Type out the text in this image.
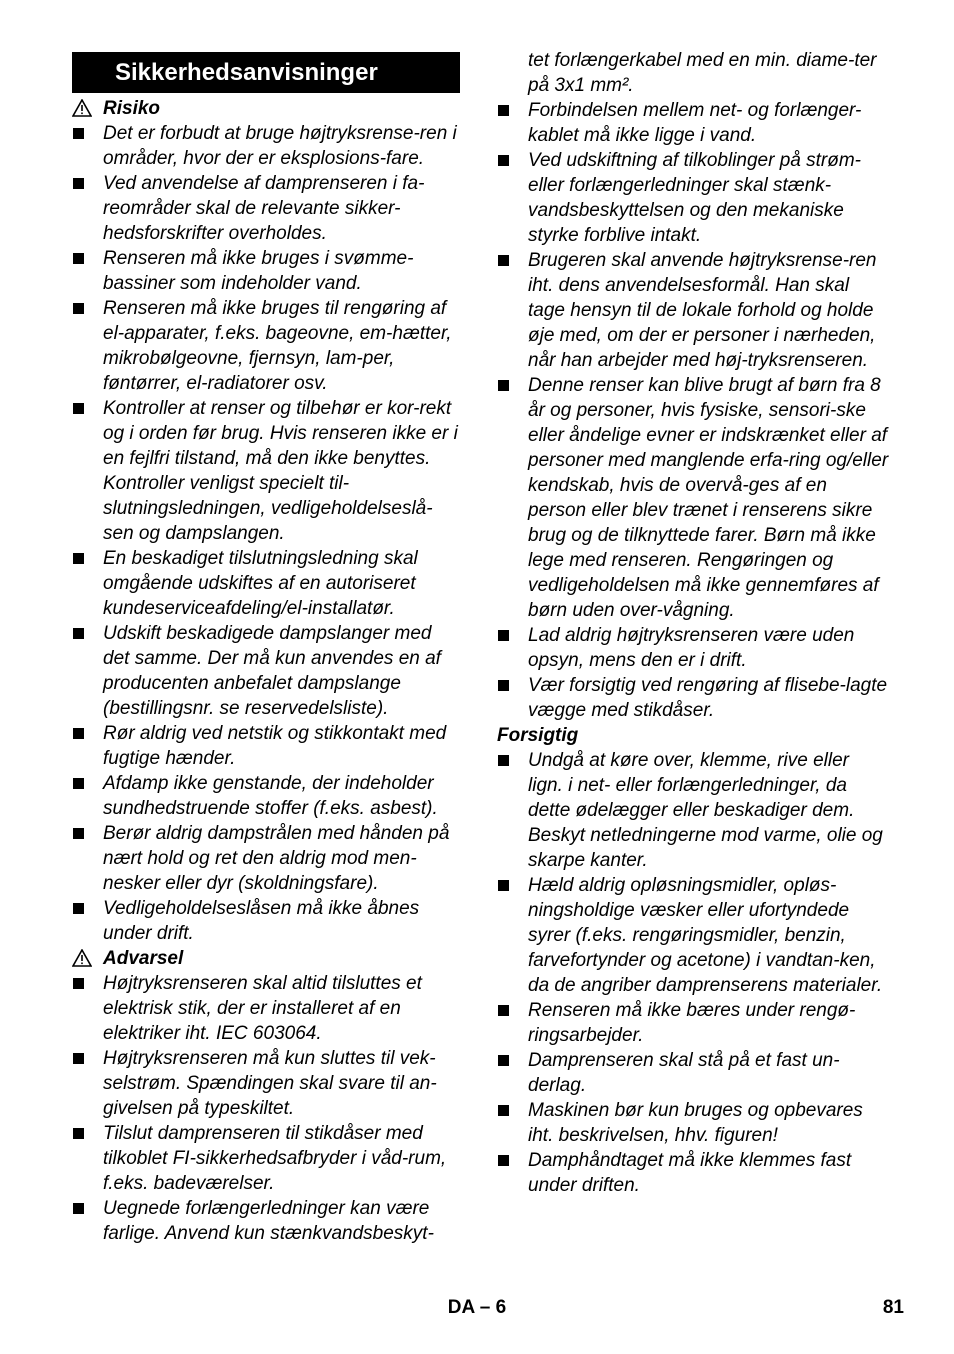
Sikkerhedsanvisninger
Risiko
Det er forbudt at bruge højtryksrense-ren i områder, hvor der er eksplosions-fare.
Ved anvendelse af damprenseren i fa-reområder skal de relevante sikker-hedsforskrifter overholdes.
Renseren må ikke bruges i svømme-bassiner som indeholder vand.
Renseren må ikke bruges til rengøring af el-apparater, f.eks. bageovne, em-hætter, mikrobølgeovne, fjernsyn, lam-per, føntørrer, el-radiatorer osv.
Kontroller at renser og tilbehør er kor-rekt og i orden før brug. Hvis renseren ikke er i en fejlfri tilstand, må den ikke benyttes. Kontroller venligst specielt til-slutningsledningen, vedligeholdelseslå-sen og dampslangen.
En beskadiget tilslutningsledning skal omgående udskiftes af en autoriseret kundeserviceafdeling/el-installatør.
Udskift beskadigede dampslanger med det samme. Der må kun anvendes en af producenten anbefalet dampslange (bestillingsnr. se reservedelsliste).
Rør aldrig ved netstik og stikkontakt med fugtige hænder.
Afdamp ikke genstande, der indeholder sundhedstruende stoffer (f.eks. asbest).
Berør aldrig dampstrålen med hånden på nært hold og ret den aldrig mod men-nesker eller dyr (skoldningsfare).
Vedligeholdelseslåsen må ikke åbnes under drift.
Advarsel
Højtryksrenseren skal altid tilsluttes et elektrisk stik, der er installeret af en elektriker iht. IEC 603064.
Højtryksrenseren må kun sluttes til vek-selstrøm. Spændingen skal svare til an-givelsen på typeskiltet.
Tilslut damprenseren til stikdåser med tilkoblet FI-sikkerhedsafbryder i våd-rum, f.eks. badeværelser.
Uegnede forlængerledninger kan være farlige. Anvend kun stænkvandsbeskyt-
tet forlængerkabel med en min. diame-ter på 3x1 mm².
Forbindelsen mellem net- og forlænger-kablet må ikke ligge i vand.
Ved udskiftning af tilkoblinger på strøm-eller forlængerledninger skal stænk-vandsbeskyttelsen og den mekaniske styrke forblive intakt.
Brugeren skal anvende højtryksrense-ren iht. dens anvendelsesformål. Han skal tage hensyn til de lokale forhold og holde øje med, om der er personer i nærheden, når han arbejder med høj-tryksrenseren.
Denne renser kan blive brugt af børn fra 8 år og personer, hvis fysiske, sensori-ske eller åndelige evner er indskrænket eller af personer med manglende erfa-ring og/eller kendskab, hvis de overvå-ges af en person eller blev trænet i renserens sikre brug og de tilknyttede farer. Børn må ikke lege med renseren. Rengøringen og vedligeholdelsen må ikke gennemføres af børn uden over-vågning.
Lad aldrig højtryksrenseren være uden opsyn, mens den er i drift.
Vær forsigtig ved rengøring af flisebe-lagte vægge med stikdåser.
Forsigtig
Undgå at køre over, klemme, rive eller lign. i net- eller forlængerledninger, da dette ødelægger eller beskadiger dem. Beskyt netledningerne mod varme, olie og skarpe kanter.
Hæld aldrig opløsningsmidler, opløs-ningsholdige væsker eller ufortyndede syrer (f.eks. rengøringsmidler, benzin, farvefortynder og acetone) i vandtan-ken, da de angriber damprenserens materialer.
Renseren må ikke bæres under rengø-ringsarbejder.
Damprenseren skal stå på et fast un-derlag.
Maskinen bør kun bruges og opbevares iht. beskrivelsen, hhv. figuren!
Damphåndtaget må ikke klemmes fast under driften.
DA – 6	81
